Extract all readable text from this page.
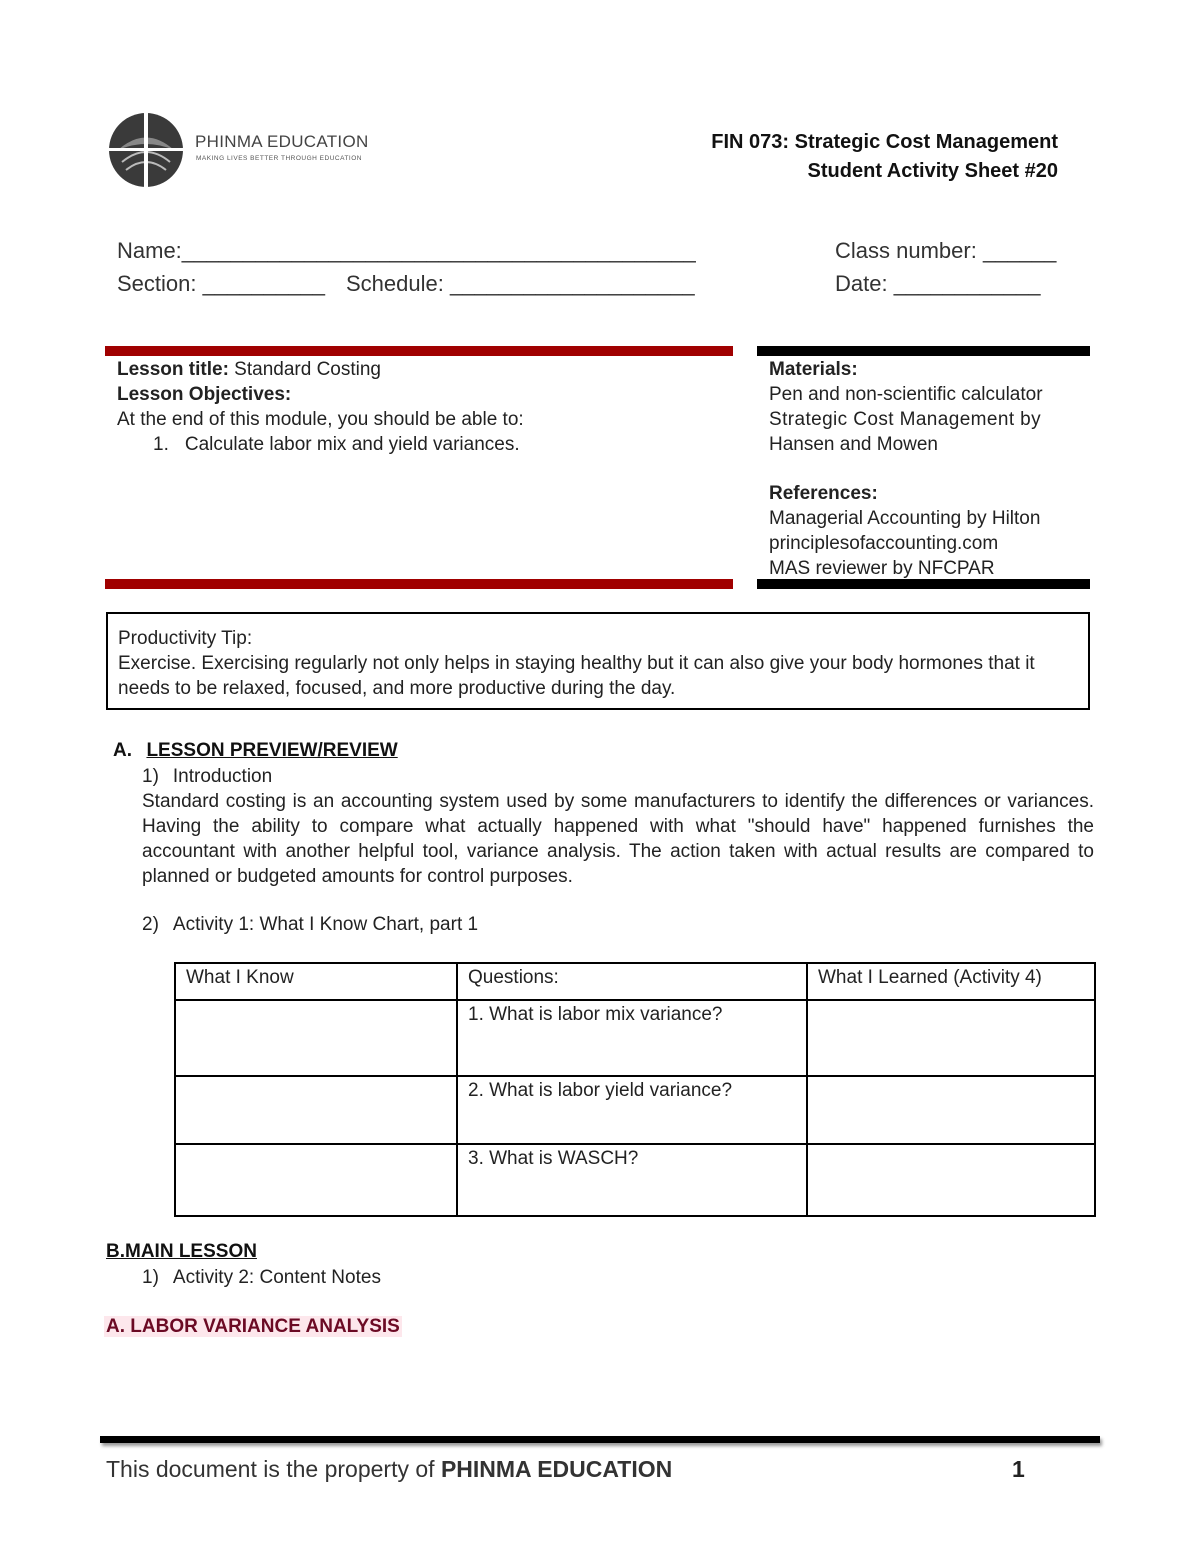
PHINMA EDUCATION
MAKING LIVES BETTER THROUGH EDUCATION
FIN 073: Strategic Cost Management
Student Activity Sheet #20
Name:__________________________________________	Class number: ______
Section: __________ Schedule: ____________________	Date: ____________
Lesson title: Standard Costing
Lesson Objectives:
At the end of this module, you should be able to:
1. Calculate labor mix and yield variances.
Materials:
Pen and non-scientific calculator
Strategic Cost Management by
Hansen and Mowen
References:
Managerial Accounting by Hilton
principlesofaccounting.com
MAS reviewer by NFCPAR
Productivity Tip:
Exercise. Exercising regularly not only helps in staying healthy but it can also give your body hormones that it needs to be relaxed, focused, and more productive during the day.
A. LESSON PREVIEW/REVIEW
1) Introduction
Standard costing is an accounting system used by some manufacturers to identify the differences or variances. Having the ability to compare what actually happened with what "should have" happened furnishes the accountant with another helpful tool, variance analysis. The action taken with actual results are compared to planned or budgeted amounts for control purposes.
2) Activity 1: What I Know Chart, part 1
What I Know	Questions:	What I Learned (Activity 4)
	1. What is labor mix variance?	
	2. What is labor yield variance?	
	3. What is WASCH?	
B.MAIN LESSON
1) Activity 2: Content Notes
A. LABOR VARIANCE ANALYSIS
This document is the property of PHINMA EDUCATION	1
